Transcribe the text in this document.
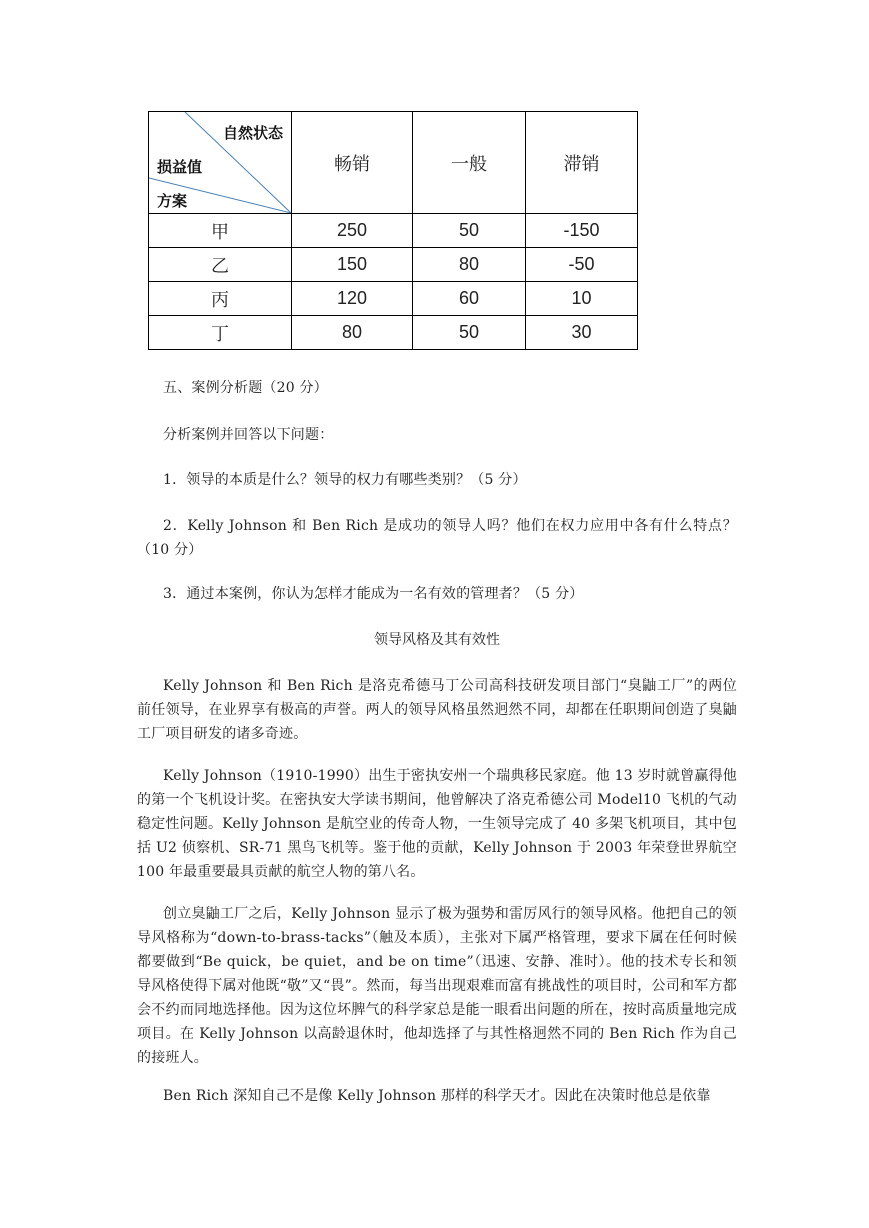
自然状态
损益值
方案	畅销	一般	滞销
甲	250	50	-150
乙	150	80	-50
丙	120	60	10
丁	80	50	30

五、案例分析题（20 分）

分析案例并回答以下问题：

1．领导的本质是什么？领导的权力有哪些类别？（5 分）

2．Kelly Johnson 和 Ben Rich 是成功的领导人吗？他们在权力应用中各有什么特点？（10 分）

3．通过本案例，你认为怎样才能成为一名有效的管理者？（5 分）

领导风格及其有效性

Kelly Johnson 和 Ben Rich 是洛克希德马丁公司高科技研发项目部门“臭鼬工厂”的两位前任领导，在业界享有极高的声誉。两人的领导风格虽然迥然不同，却都在任职期间创造了臭鼬工厂项目研发的诸多奇迹。

Kelly Johnson（1910-1990）出生于密执安州一个瑞典移民家庭。他 13 岁时就曾赢得他的第一个飞机设计奖。在密执安大学读书期间，他曾解决了洛克希德公司 Model10 飞机的气动稳定性问题。Kelly Johnson 是航空业的传奇人物，一生领导完成了 40 多架飞机项目，其中包括 U2 侦察机、SR-71 黑鸟飞机等。鉴于他的贡献，Kelly Johnson 于 2003 年荣登世界航空 100 年最重要最具贡献的航空人物的第八名。

创立臭鼬工厂之后，Kelly Johnson 显示了极为强势和雷厉风行的领导风格。他把自己的领导风格称为“down-to-brass-tacks”（触及本质），主张对下属严格管理，要求下属在任何时候都要做到“Be quick，be quiet，and be on time”（迅速、安静、准时）。他的技术专长和领导风格使得下属对他既“敬”又“畏”。然而，每当出现艰难而富有挑战性的项目时，公司和军方都会不约而同地选择他。因为这位坏脾气的科学家总是能一眼看出问题的所在，按时高质量地完成项目。在 Kelly Johnson 以高龄退休时，他却选择了与其性格迥然不同的 Ben Rich 作为自己的接班人。

Ben Rich 深知自己不是像 Kelly Johnson 那样的科学天才。因此在决策时他总是依靠
